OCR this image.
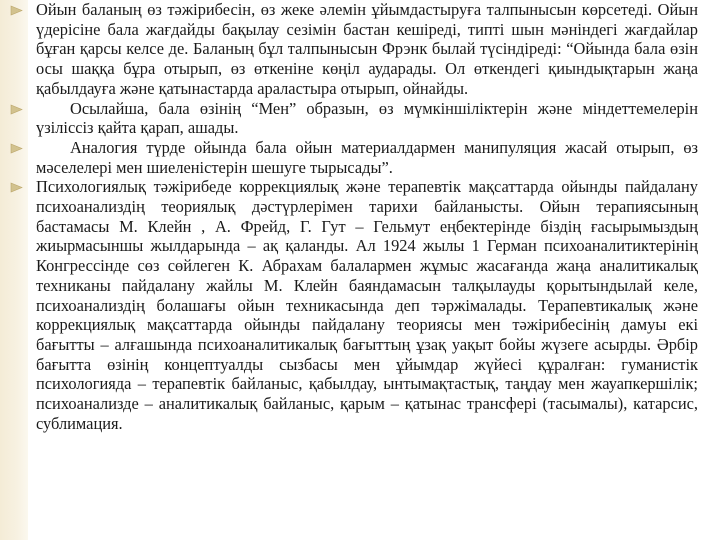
Ойын баланың өз тәжірибесін, өз жеке әлемін ұйымдастыруға талпынысын көрсетеді. Ойын үдерісіне бала жағдайды бақылау сезімін бастан кешіреді, типті шын мәніндегі жағдайлар бұған қарсы келсе де. Баланың бұл талпынысын Фрэнк былай түсіндіреді: “Ойында бала өзін осы шаққа бұра отырып, өз өткеніне көңіл аударады. Ол өткендегі қиындықтарын жаңа қабылдауға және қатынастарда араластыра отырып, ойнайды.
Осылайша, бала өзінің “Мен” образын, өз мүмкіншіліктерін және міндеттемелерін үзіліссіз қайта қарап, ашады.
Аналогия түрде ойында бала ойын материалдармен манипуляция жасай отырып, өз мәселелері мен шиеленістерін шешуге тырысады”.
Психологиялық тәжірибеде коррекциялық және терапевтік мақсаттарда ойынды пайдалану психоанализдің теориялық дәстүрлерімен тарихи байланысты. Ойын терапиясының бастамасы М. Клейн , А. Фрейд, Г. Гут – Гельмут еңбектерінде біздің ғасырымыздың жиырмасыншы жылдарында – ақ қаланды. Ал 1924 жылы 1 Герман психоаналитиктерінің Конгрессінде сөз сөйлеген К. Абрахам балалармен жұмыс жасағанда жаңа аналитикалық техниканы пайдалану жайлы М. Клейн баяндамасын талқылауды қорытындылай келе, психоанализдің болашағы ойын техникасында деп тәржімалады. Терапевтикалық және коррекциялық мақсаттарда ойынды пайдалану теориясы мен тәжірибесінің дамуы екі бағытты – алғашында психоаналитикалық бағыттың ұзақ уақыт бойы жүзеге асырды. Әрбір бағытта өзінің концептуалды сызбасы мен ұйымдар жүйесі құралған: гуманистік психологияда – терапевтік байланыс, қабылдау, ынтымақтастық, таңдау мен жауапкершілік; психоанализде – аналитикалық байланыс, қарым – қатынас трансфері (тасымалы), катарсис, сублимация.
